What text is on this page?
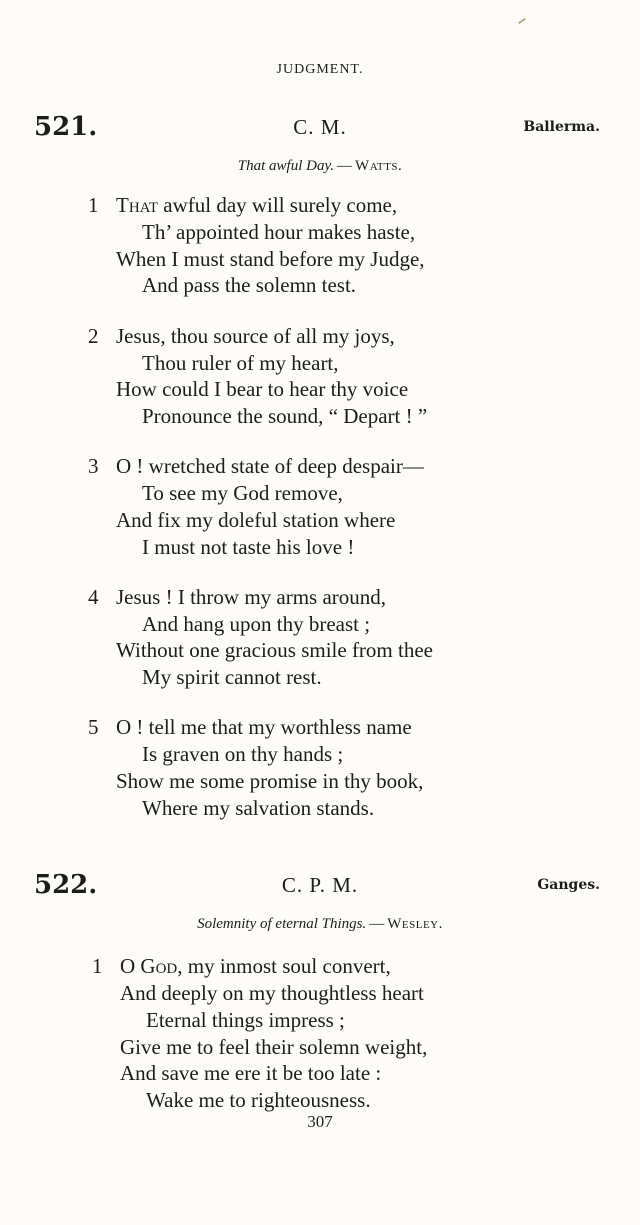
JUDGMENT.
521.	C. M.	Ballerma.
That awful Day. — Watts.
1 That awful day will surely come,
Th’ appointed hour makes haste,
When I must stand before my Judge,
And pass the solemn test.
2 Jesus, thou source of all my joys,
Thou ruler of my heart,
How could I bear to hear thy voice
Pronounce the sound, “ Depart ! ”
3 O ! wretched state of deep despair—
To see my God remove,
And fix my doleful station where
I must not taste his love !
4 Jesus ! I throw my arms around,
And hang upon thy breast ;
Without one gracious smile from thee
My spirit cannot rest.
5 O ! tell me that my worthless name
Is graven on thy hands ;
Show me some promise in thy book,
Where my salvation stands.
522.	C. P. M.	Ganges.
Solemnity of eternal Things. — Wesley.
1 O God, my inmost soul convert,
And deeply on my thoughtless heart
Eternal things impress ;
Give me to feel their solemn weight,
And save me ere it be too late :
Wake me to righteousness.
307
